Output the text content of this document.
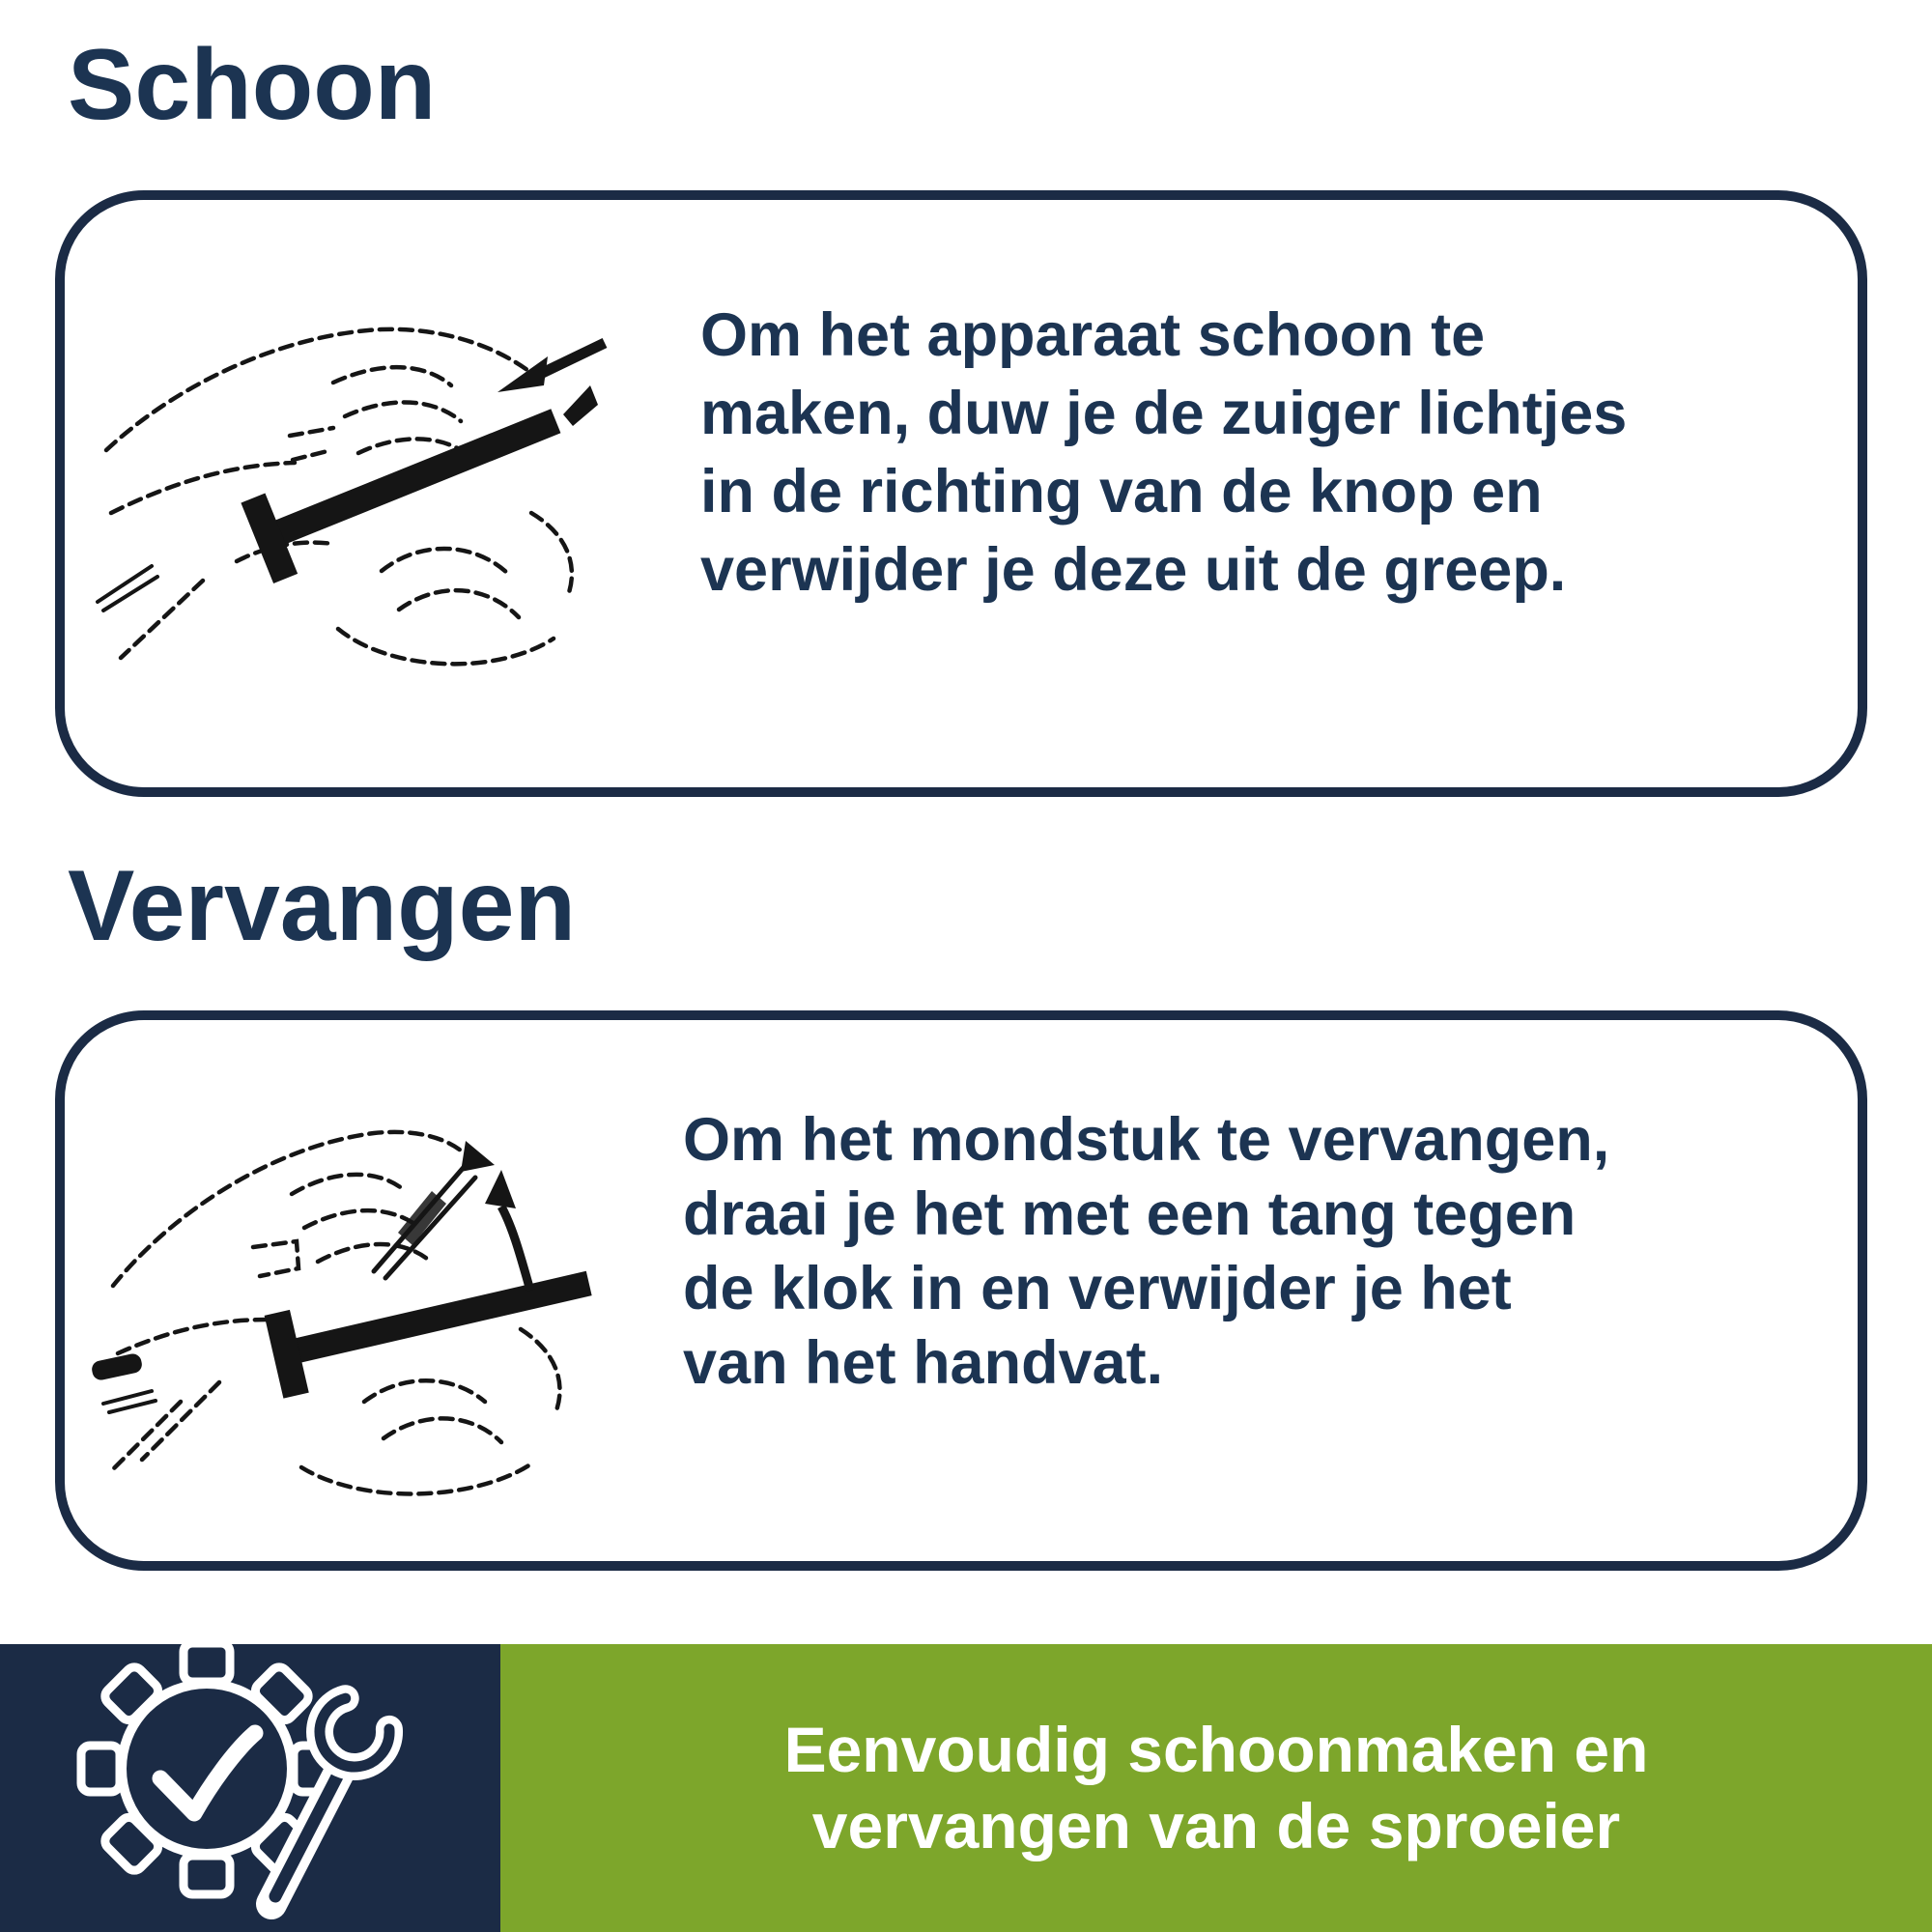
Schoon
Om het apparaat schoon te
maken, duw je de zuiger lichtjes
in de richting van de knop en
verwijder je deze uit de greep.
Vervangen
Om het mondstuk te vervangen,
draai je het met een tang tegen
de klok in en verwijder je het
van het handvat.
Eenvoudig schoonmaken en
vervangen van de sproeier
